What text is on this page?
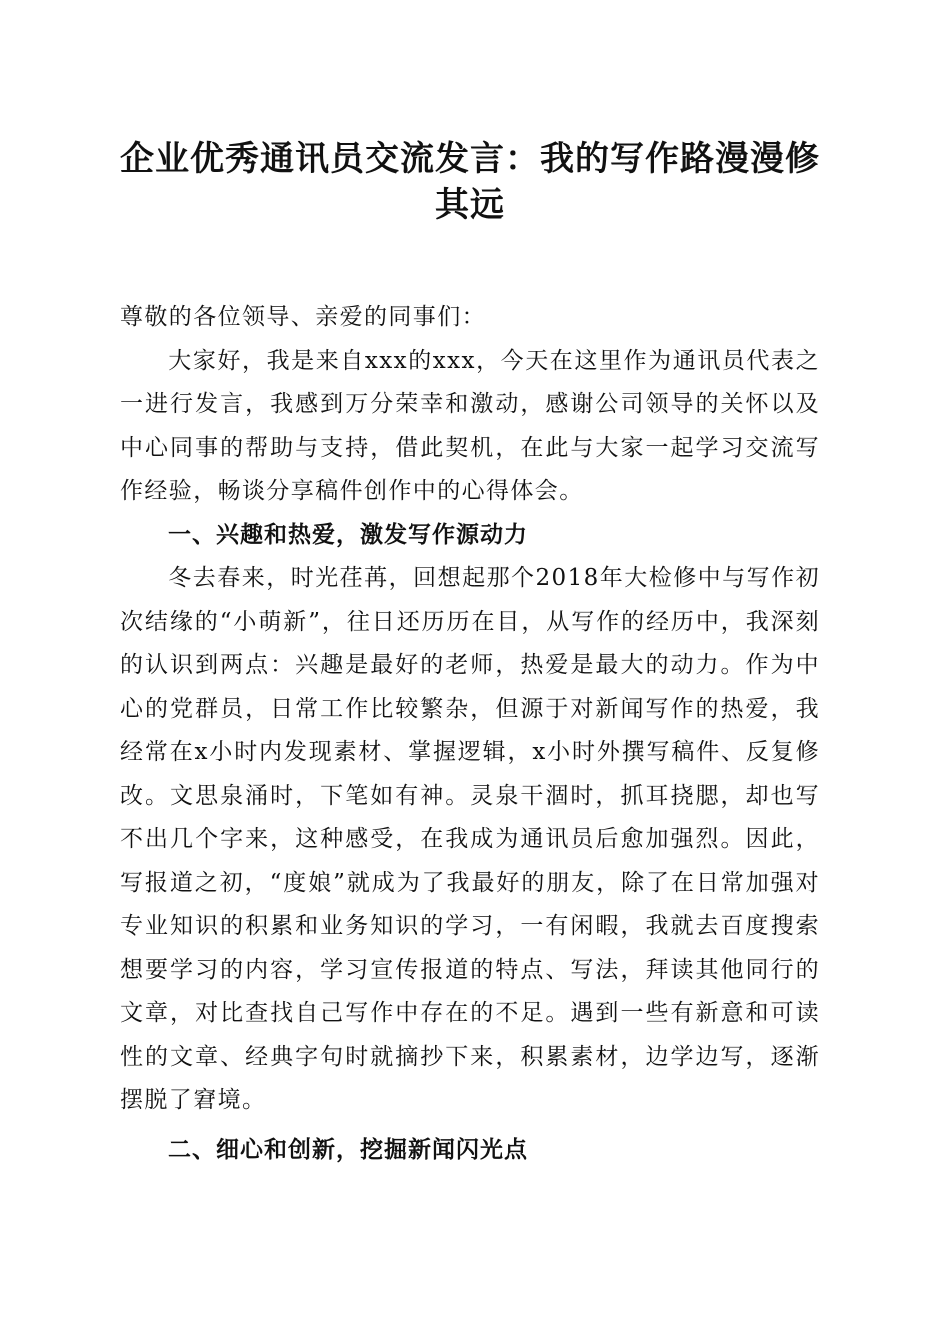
企业优秀通讯员交流发言：我的写作路漫漫修
其远

尊敬的各位领导、亲爱的同事们：

大家好，我是来自xxx的xxx，今天在这里作为通讯员代表之一进行发言，我感到万分荣幸和激动，感谢公司领导的关怀以及中心同事的帮助与支持，借此契机，在此与大家一起学习交流写作经验，畅谈分享稿件创作中的心得体会。

一、兴趣和热爱，激发写作源动力

冬去春来，时光荏苒，回想起那个2018年大检修中与写作初次结缘的“小萌新”，往日还历历在目，从写作的经历中，我深刻的认识到两点：兴趣是最好的老师，热爱是最大的动力。作为中心的党群员，日常工作比较繁杂，但源于对新闻写作的热爱，我经常在x小时内发现素材、掌握逻辑，x小时外撰写稿件、反复修改。文思泉涌时，下笔如有神。灵泉干涸时，抓耳挠腮，却也写不出几个字来，这种感受，在我成为通讯员后愈加强烈。因此，写报道之初，“度娘”就成为了我最好的朋友，除了在日常加强对专业知识的积累和业务知识的学习，一有闲暇，我就去百度搜索想要学习的内容，学习宣传报道的特点、写法，拜读其他同行的文章，对比查找自己写作中存在的不足。遇到一些有新意和可读性的文章、经典字句时就摘抄下来，积累素材，边学边写，逐渐摆脱了窘境。

二、细心和创新，挖掘新闻闪光点
